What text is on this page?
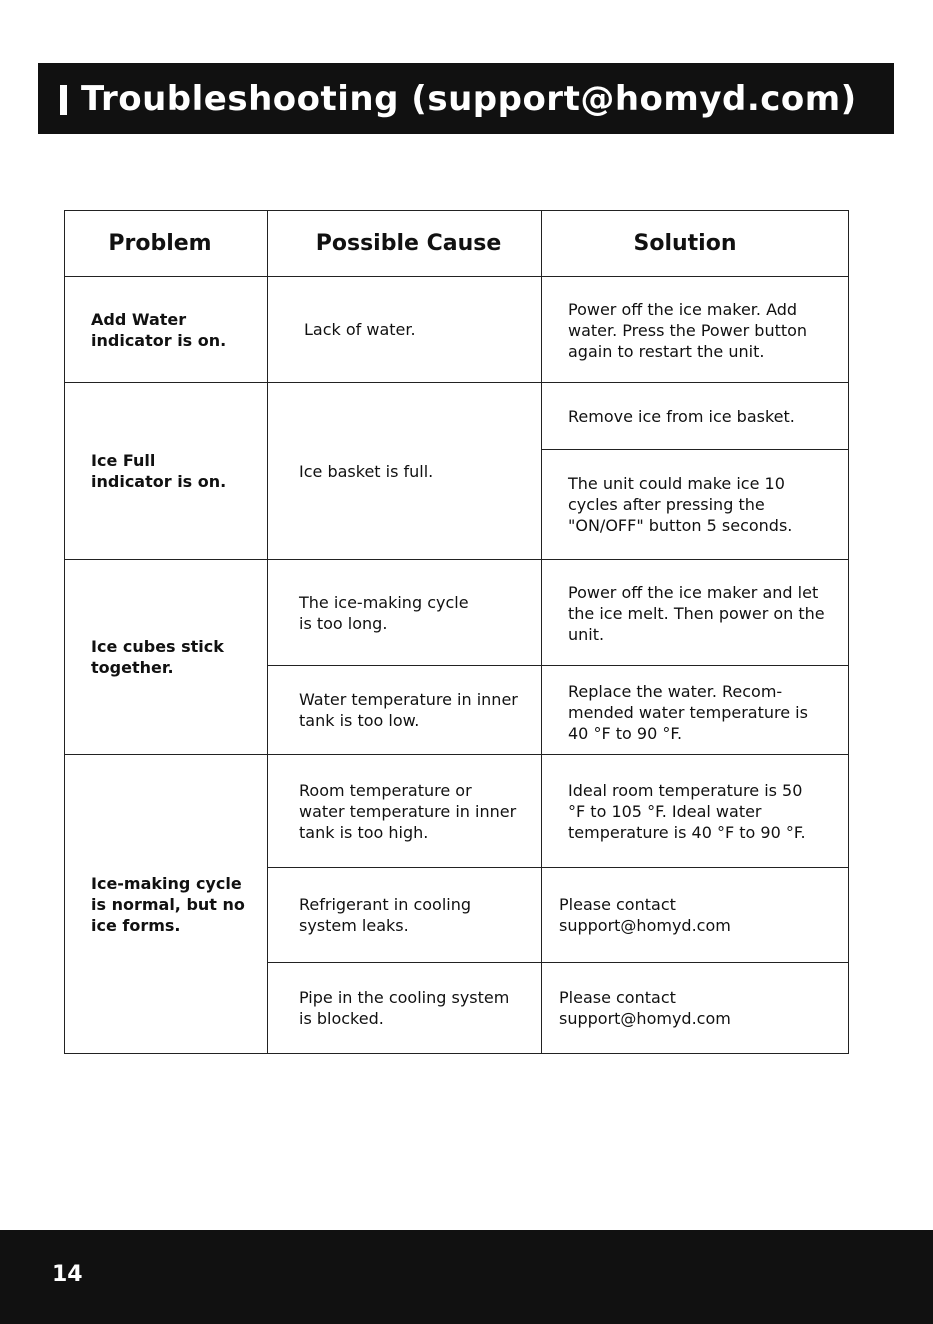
Troubleshooting (support@homyd.com)
Problem	Possible Cause	Solution
Add Water
indicator is on.
Lack of water.
Power off the ice maker. Add
water. Press the Power button
again to restart the unit.
Ice Full
indicator is on.
Ice basket is full.
Remove ice from ice basket.
The unit could make ice 10
cycles after pressing the
"ON/OFF" button 5 seconds.
Ice cubes stick
together.
The ice-making cycle
is too long.
Water temperature in inner
tank is too low.
Power off the ice maker and let
the ice melt. Then power on the
unit.
Replace the water. Recom-
mended water temperature is
40 °F to 90 °F.
Ice-making cycle
is normal, but no
ice forms.
Room temperature or
water temperature in inner
tank is too high.
Refrigerant in cooling
system leaks.
Pipe in the cooling system
is blocked.
Ideal room temperature is 50
°F to 105 °F. Ideal water
temperature is 40 °F to 90 °F.
Please contact
support@homyd.com
Please contact
support@homyd.com
14
